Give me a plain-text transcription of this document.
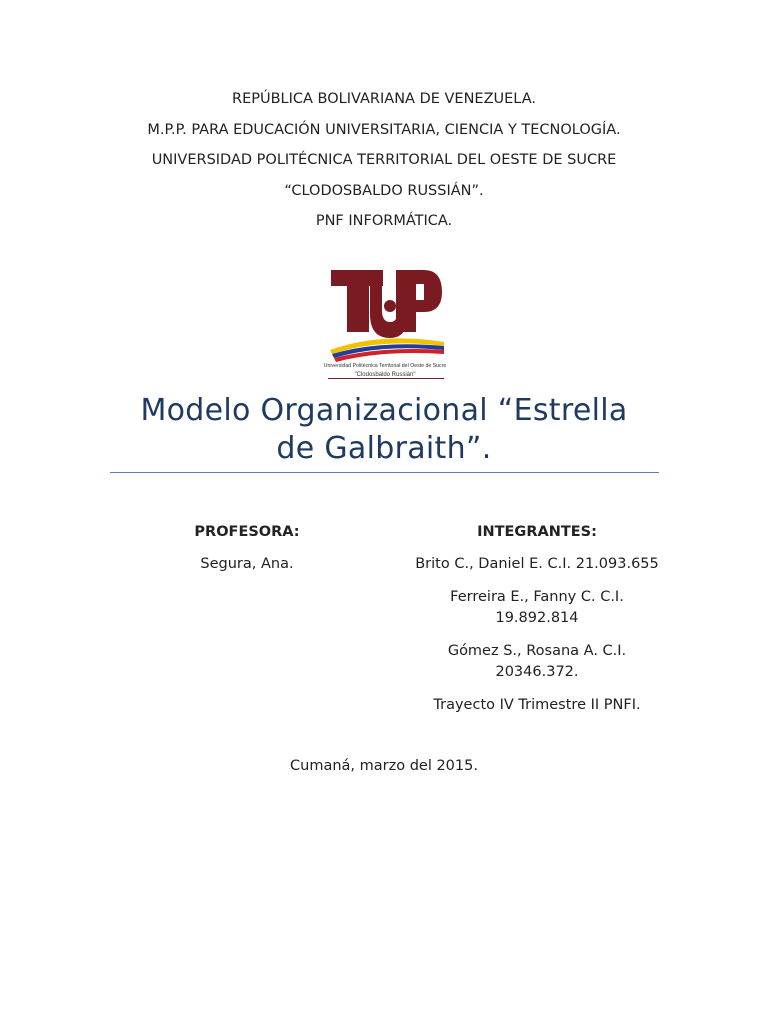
REPÚBLICA BOLIVARIANA DE VENEZUELA.
M.P.P. PARA EDUCACIÓN UNIVERSITARIA, CIENCIA Y TECNOLOGÍA.
UNIVERSIDAD POLITÉCNICA TERRITORIAL DEL OESTE DE SUCRE
“CLODOSBALDO RUSSIÁN”.
PNF INFORMÁTICA.
Universidad Politécnica Territorial del Oeste de Sucre
"Clodosbaldo Russián"
Modelo Organizacional “Estrella
de Galbraith”.
PROFESORA:
Segura, Ana.
INTEGRANTES:
Brito C., Daniel E. C.I. 21.093.655
Ferreira E., Fanny C. C.I.
19.892.814
Gómez S., Rosana A. C.I.
20346.372.
Trayecto IV Trimestre II PNFI.
Cumaná, marzo del 2015.
